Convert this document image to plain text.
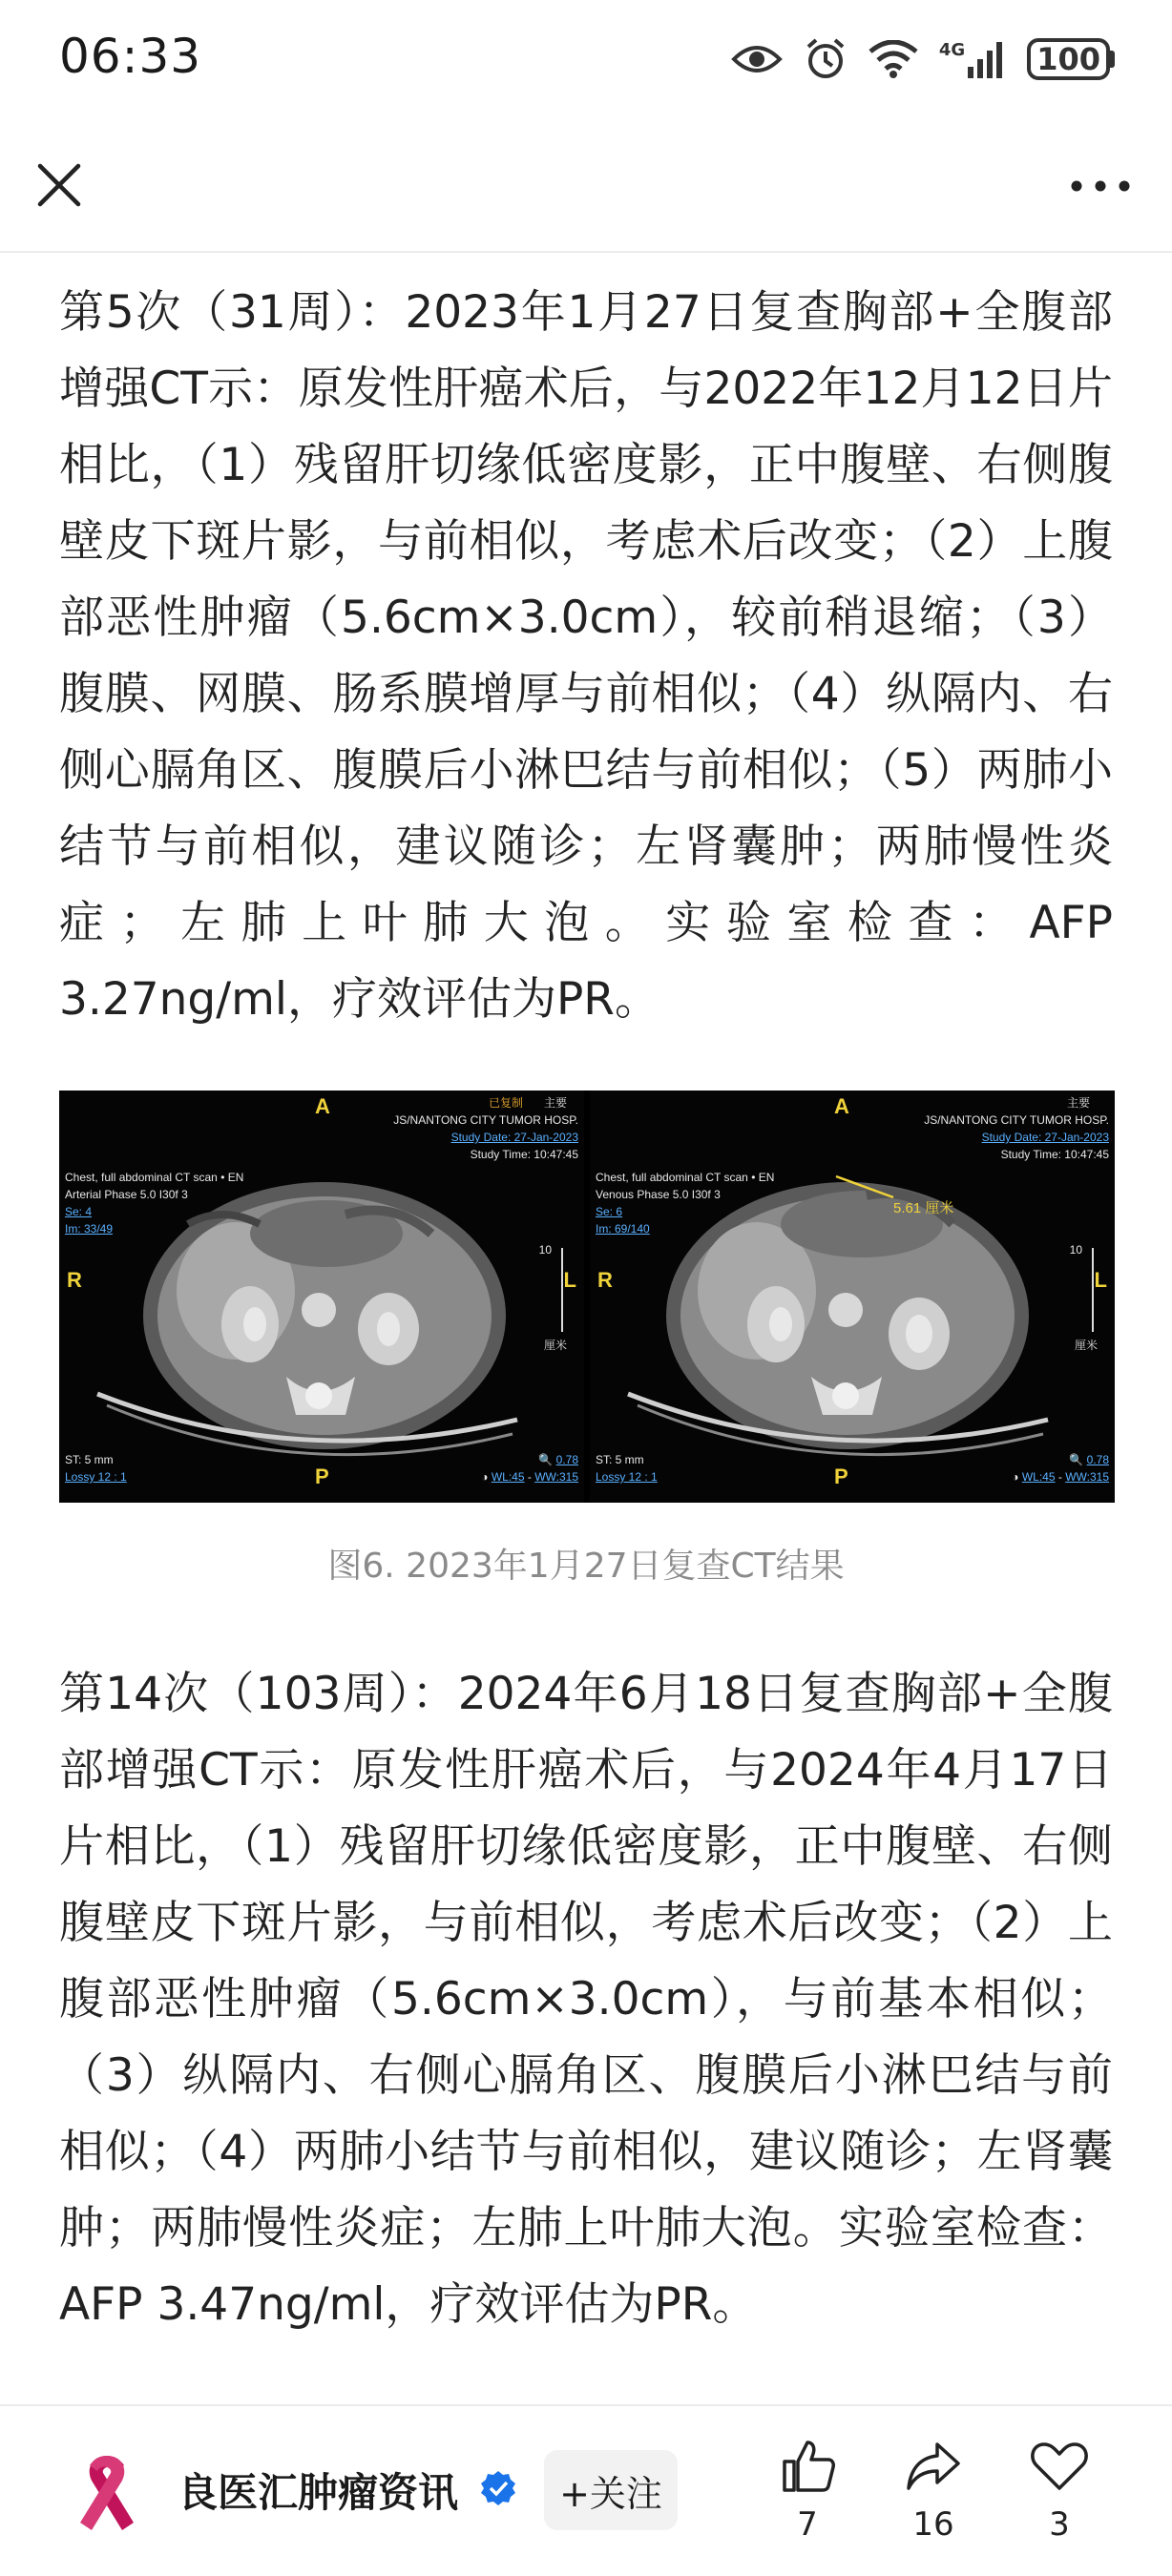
06:33	4G	100

第5次（31周）：2023年1月27日复查胸部+全腹部增强CT示：原发性肝癌术后，与2022年12月12日片相比，（1）残留肝切缘低密度影，正中腹壁、右侧腹壁皮下斑片影，与前相似，考虑术后改变；（2）上腹部恶性肿瘤（5.6cm×3.0cm），较前稍退缩；（3）腹膜、网膜、肠系膜增厚与前相似；（4）纵隔内、右侧心膈角区、腹膜后小淋巴结与前相似；（5）两肺小结节与前相似，建议随诊；左肾囊肿；两肺慢性炎症；左肺上叶肺大泡。实验室检查：AFP 3.27ng/ml，疗效评估为PR。

A	已复制 主要
JS/NANTONG CITY TUMOR HOSP.
Study Date: 27-Jan-2023
Study Time: 10:47:45
Chest, full abdominal CT scan • EN
Arterial Phase 5.0 I30f 3
Se: 4
Im: 33/49
R	L
10
厘米
ST: 5 mm
Lossy 12 : 1	P
🔍 0.78
◑ WL:45 - WW:315
A	主要
JS/NANTONG CITY TUMOR HOSP.
Study Date: 27-Jan-2023
Study Time: 10:47:45
Chest, full abdominal CT scan • EN
Venous Phase 5.0 I30f 3
Se: 6
Im: 69/140
5.61 厘米
R	L
10
厘米
ST: 5 mm
Lossy 12 : 1	P
🔍 0.78
◑ WL:45 - WW:315
图6. 2023年1月27日复查CT结果

第14次（103周）：2024年6月18日复查胸部+全腹部增强CT示：原发性肝癌术后，与2024年4月17日片相比，（1）残留肝切缘低密度影，正中腹壁、右侧腹壁皮下斑片影，与前相似，考虑术后改变；（2）上腹部恶性肿瘤（5.6cm×3.0cm），与前基本相似；（3）纵隔内、右侧心膈角区、腹膜后小淋巴结与前相似；（4）两肺小结节与前相似，建议随诊；左肾囊肿；两肺慢性炎症；左肺上叶肺大泡。实验室检查：AFP 3.47ng/ml，疗效评估为PR。

良医汇肿瘤资讯	+关注
7	16	3
